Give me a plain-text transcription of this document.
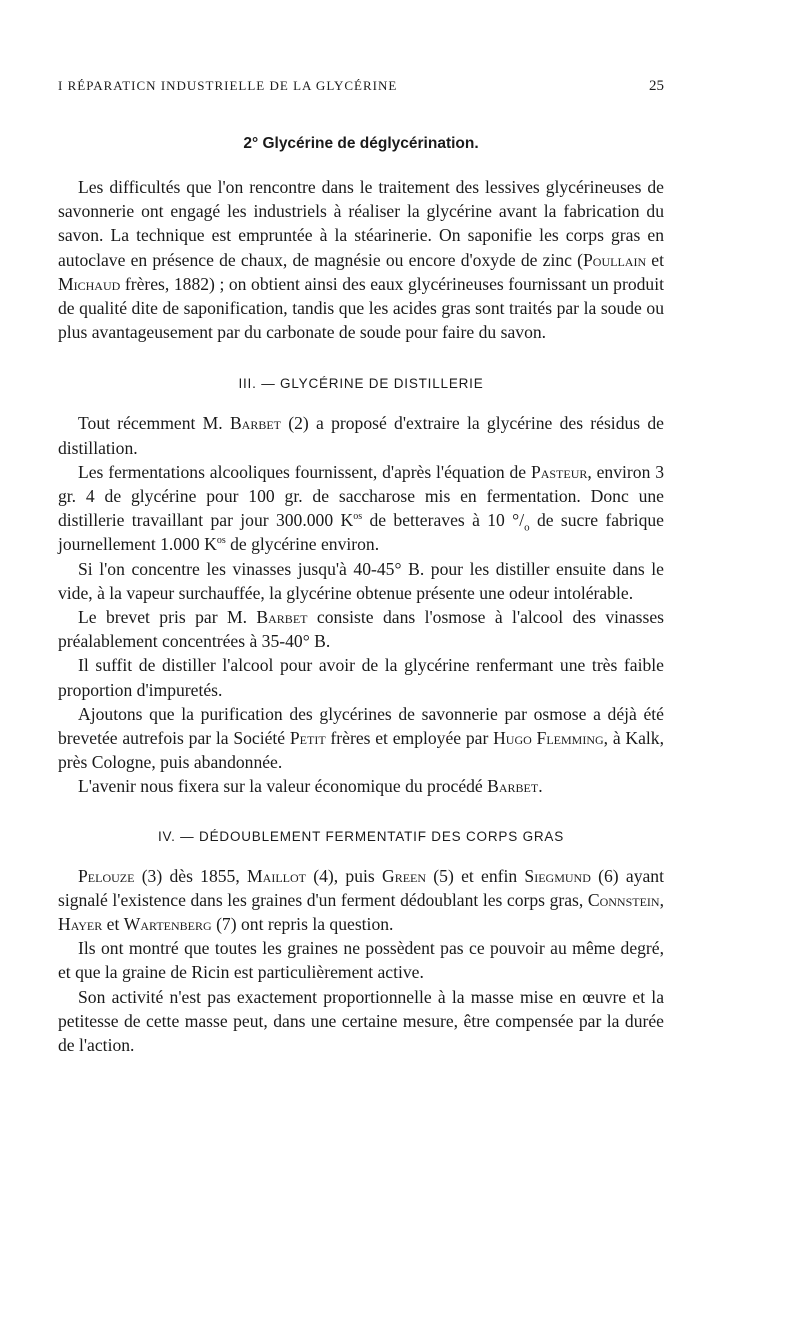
I RÉPARATICN INDUSTRIELLE DE LA GLYCÉRINE	25
2° Glycérine de déglycérination.

Les difficultés que l'on rencontre dans le traitement des lessives glycérineuses de savonnerie ont engagé les industriels à réaliser la glycérine avant la fabrication du savon. La technique est empruntée à la stéarinerie. On saponifie les corps gras en autoclave en présence de chaux, de magnésie ou encore d'oxyde de zinc (Poullain et Michaud frères, 1882) ; on obtient ainsi des eaux glycérineuses fournissant un produit de qualité dite de saponification, tandis que les acides gras sont traités par la soude ou plus avantageusement par du carbonate de soude pour faire du savon.

III. — GLYCÉRINE DE DISTILLERIE

Tout récemment M. Barbet (2) a proposé d'extraire la glycérine des résidus de distillation.

Les fermentations alcooliques fournissent, d'après l'équation de Pasteur, environ 3 gr. 4 de glycérine pour 100 gr. de saccharose mis en fermentation. Donc une distillerie travaillant par jour 300.000 $K^{os}$ de betteraves à 10 $^\circ/_o$ de sucre fabrique journellement 1.000 $K^{os}$ de glycérine environ.

Si l'on concentre les vinasses jusqu'à 40-45° B. pour les distiller ensuite dans le vide, à la vapeur surchauffée, la glycérine obtenue présente une odeur intolérable.

Le brevet pris par M. Barbet consiste dans l'osmose à l'alcool des vinasses préalablement concentrées à 35-40° B.

Il suffit de distiller l'alcool pour avoir de la glycérine renfermant une très faible proportion d'impuretés.

Ajoutons que la purification des glycérines de savonnerie par osmose a déjà été brevetée autrefois par la Société Petit frères et employée par Hugo Flemming, à Kalk, près Cologne, puis abandonnée.

L'avenir nous fixera sur la valeur économique du procédé Barbet.

IV. — DÉDOUBLEMENT FERMENTATIF DES CORPS GRAS

Pelouze (3) dès 1855, Maillot (4), puis Green (5) et enfin Siegmund (6) ayant signalé l'existence dans les graines d'un ferment dédoublant les corps gras, Connstein, Hayer et Wartenberg (7) ont repris la question.

Ils ont montré que toutes les graines ne possèdent pas ce pouvoir au même degré, et que la graine de Ricin est particulièrement active.

Son activité n'est pas exactement proportionnelle à la masse mise en œuvre et la petitesse de cette masse peut, dans une certaine mesure, être compensée par la durée de l'action.
